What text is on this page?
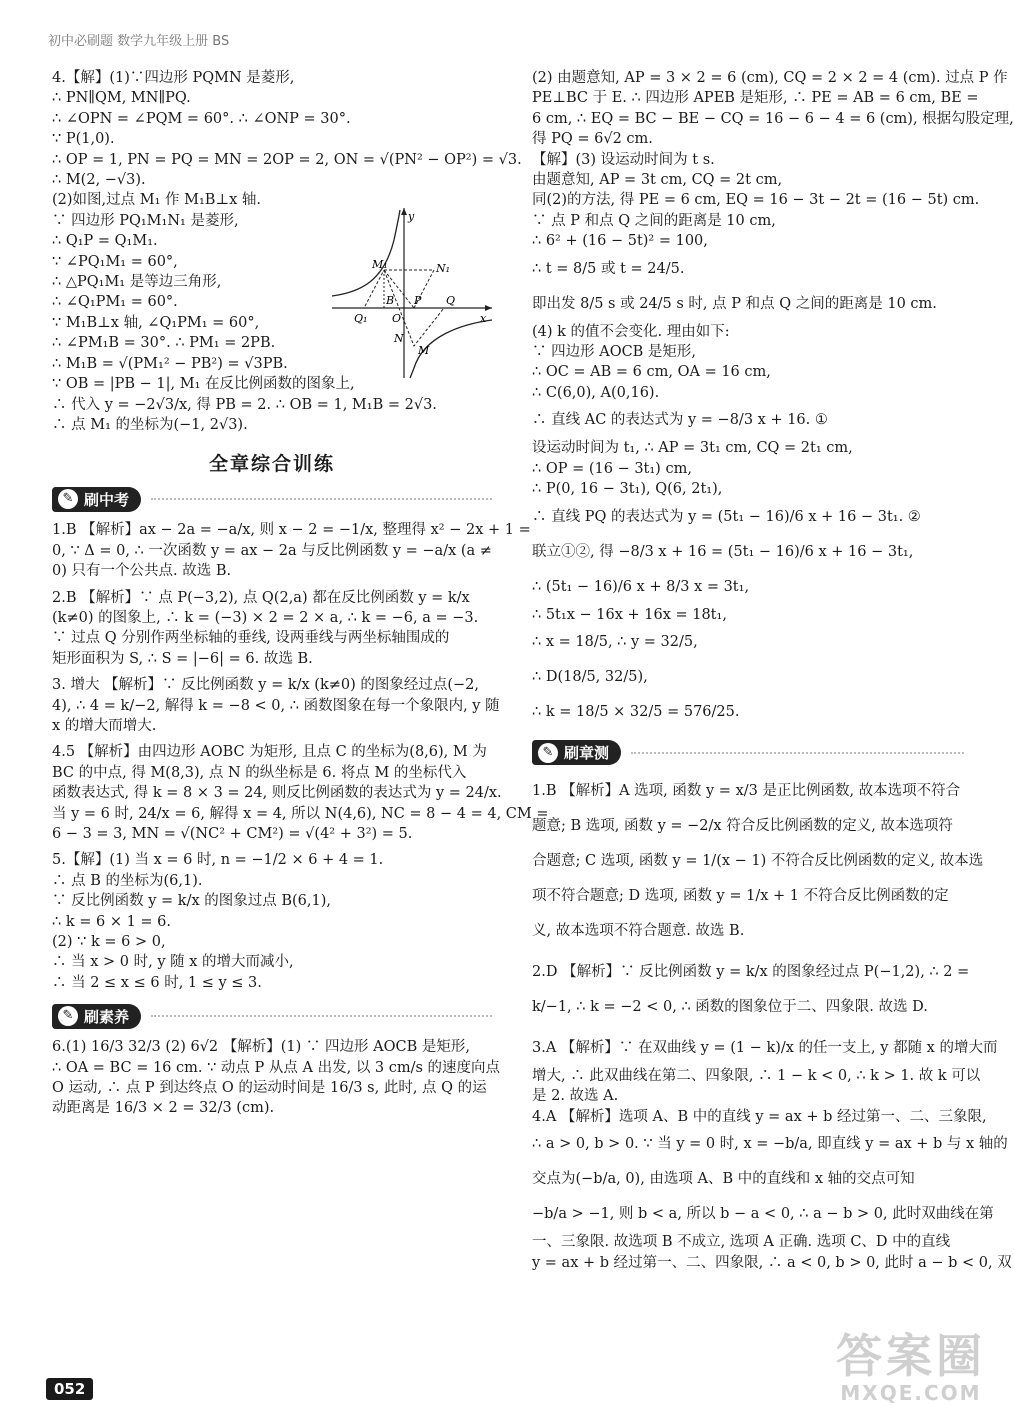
初中必刷题 数学九年级上册 BS
4.【解】(1)∵四边形 PQMN 是菱形,
∴ PN∥QM, MN∥PQ.
∴ ∠OPN = ∠PQM = 60°. ∴ ∠ONP = 30°.
∵ P(1,0).
∴ OP = 1, PN = PQ = MN = 2OP = 2, ON = √(PN² − OP²) = √3.
∴ M(2, −√3).
(2)如图,过点 M₁ 作 M₁B⊥x 轴.
∵ 四边形 PQ₁M₁N₁ 是菱形,
∴ Q₁P = Q₁M₁.
∵ ∠PQ₁M₁ = 60°,
∴ △PQ₁M₁ 是等边三角形,
∴ ∠Q₁PM₁ = 60°.
∵ M₁B⊥x 轴, ∠Q₁PM₁ = 60°,
∴ ∠PM₁B = 30°. ∴ PM₁ = 2PB.
∴ M₁B = √(PM₁² − PB²) = √3PB.
∵ OB = |PB − 1|, M₁ 在反比例函数的图象上,
∴ 代入 y = −2√3/x, 得 PB = 2. ∴ OB = 1, M₁B = 2√3.
∴ 点 M₁ 的坐标为(−1, 2√3).
全章综合训练
✎ 刷中考
1.B 【解析】ax − 2a = −a/x, 则 x − 2 = −1/x, 整理得 x² − 2x + 1 =
0, ∵ Δ = 0, ∴ 一次函数 y = ax − 2a 与反比例函数 y = −a/x (a ≠
0) 只有一个公共点. 故选 B.
2.B 【解析】∵ 点 P(−3,2), 点 Q(2,a) 都在反比例函数 y = k/x
(k≠0) 的图象上, ∴ k = (−3) × 2 = 2 × a, ∴ k = −6, a = −3.
∵ 过点 Q 分别作两坐标轴的垂线, 设两垂线与两坐标轴围成的
矩形面积为 S, ∴ S = |−6| = 6. 故选 B.
3. 增大 【解析】∵ 反比例函数 y = k/x (k≠0) 的图象经过点(−2,
4), ∴ 4 = k/−2, 解得 k = −8 < 0, ∴ 函数图象在每一个象限内, y 随
x 的增大而增大.
4.5 【解析】由四边形 AOBC 为矩形, 且点 C 的坐标为(8,6), M 为
BC 的中点, 得 M(8,3), 点 N 的纵坐标是 6. 将点 M 的坐标代入
函数表达式, 得 k = 8 × 3 = 24, 则反比例函数的表达式为 y = 24/x.
当 y = 6 时, 24/x = 6, 解得 x = 4, 所以 N(4,6), NC = 8 − 4 = 4, CM =
6 − 3 = 3, MN = √(NC² + CM²) = √(4² + 3²) = 5.
5.【解】(1) 当 x = 6 时, n = −1/2 × 6 + 4 = 1.
∴ 点 B 的坐标为(6,1).
∵ 反比例函数 y = k/x 的图象过点 B(6,1),
∴ k = 6 × 1 = 6.
(2) ∵ k = 6 > 0,
∴ 当 x > 0 时, y 随 x 的增大而减小,
∴ 当 2 ≤ x ≤ 6 时, 1 ≤ y ≤ 3.
✎ 刷素养
6.(1) 16/3 32/3 (2) 6√2 【解析】(1) ∵ 四边形 AOCB 是矩形,
∴ OA = BC = 16 cm. ∵ 动点 P 从点 A 出发, 以 3 cm/s 的速度向点
O 运动, ∴ 点 P 到达终点 O 的运动时间是 16/3 s, 此时, 点 Q 的运
动距离是 16/3 × 2 = 32/3 (cm).
M₁	N₁
B P Q
Q₁ O
N
M
x
y
(2) 由题意知, AP = 3 × 2 = 6 (cm), CQ = 2 × 2 = 4 (cm). 过点 P 作
PE⊥BC 于 E. ∴ 四边形 APEB 是矩形, ∴ PE = AB = 6 cm, BE =
6 cm, ∴ EQ = BC − BE − CQ = 16 − 6 − 4 = 6 (cm), 根据勾股定理,
得 PQ = 6√2 cm.
【解】(3) 设运动时间为 t s.
由题意知, AP = 3t cm, CQ = 2t cm,
同(2)的方法, 得 PE = 6 cm, EQ = 16 − 3t − 2t = (16 − 5t) cm.
∵ 点 P 和点 Q 之间的距离是 10 cm,
∴ 6² + (16 − 5t)² = 100,
∴ t = 8/5 或 t = 24/5.
即出发 8/5 s 或 24/5 s 时, 点 P 和点 Q 之间的距离是 10 cm.
(4) k 的值不会变化. 理由如下:
∵ 四边形 AOCB 是矩形,
∴ OC = AB = 6 cm, OA = 16 cm,
∴ C(6,0), A(0,16).
∴ 直线 AC 的表达式为 y = −8/3 x + 16. ①
设运动时间为 t₁, ∴ AP = 3t₁ cm, CQ = 2t₁ cm,
∴ OP = (16 − 3t₁) cm,
∴ P(0, 16 − 3t₁), Q(6, 2t₁),
∴ 直线 PQ 的表达式为 y = (5t₁ − 16)/6 x + 16 − 3t₁. ②
联立①②, 得 −8/3 x + 16 = (5t₁ − 16)/6 x + 16 − 3t₁,
∴ (5t₁ − 16)/6 x + 8/3 x = 3t₁,
∴ 5t₁x − 16x + 16x = 18t₁,
∴ x = 18/5, ∴ y = 32/5,
∴ D(18/5, 32/5),
∴ k = 18/5 × 32/5 = 576/25.
✎ 刷章测
1.B 【解析】A 选项, 函数 y = x/3 是正比例函数, 故本选项不符合
题意; B 选项, 函数 y = −2/x 符合反比例函数的定义, 故本选项符
合题意; C 选项, 函数 y = 1/(x − 1) 不符合反比例函数的定义, 故本选
项不符合题意; D 选项, 函数 y = 1/x + 1 不符合反比例函数的定
义, 故本选项不符合题意. 故选 B.
2.D 【解析】∵ 反比例函数 y = k/x 的图象经过点 P(−1,2), ∴ 2 =
k/−1, ∴ k = −2 < 0, ∴ 函数的图象位于二、四象限. 故选 D.
3.A 【解析】∵ 在双曲线 y = (1 − k)/x 的任一支上, y 都随 x 的增大而
增大, ∴ 此双曲线在第二、四象限, ∴ 1 − k < 0, ∴ k > 1. 故 k 可以
是 2. 故选 A.
4.A 【解析】选项 A、B 中的直线 y = ax + b 经过第一、二、三象限,
∴ a > 0, b > 0. ∵ 当 y = 0 时, x = −b/a, 即直线 y = ax + b 与 x 轴的
交点为(−b/a, 0), 由选项 A、B 中的直线和 x 轴的交点可知
−b/a > −1, 则 b < a, 所以 b − a < 0, ∴ a − b > 0, 此时双曲线在第
一、三象限. 故选项 B 不成立, 选项 A 正确. 选项 C、D 中的直线
y = ax + b 经过第一、二、四象限, ∴ a < 0, b > 0, 此时 a − b < 0, 双
052
答案圈
MXQE.COM
